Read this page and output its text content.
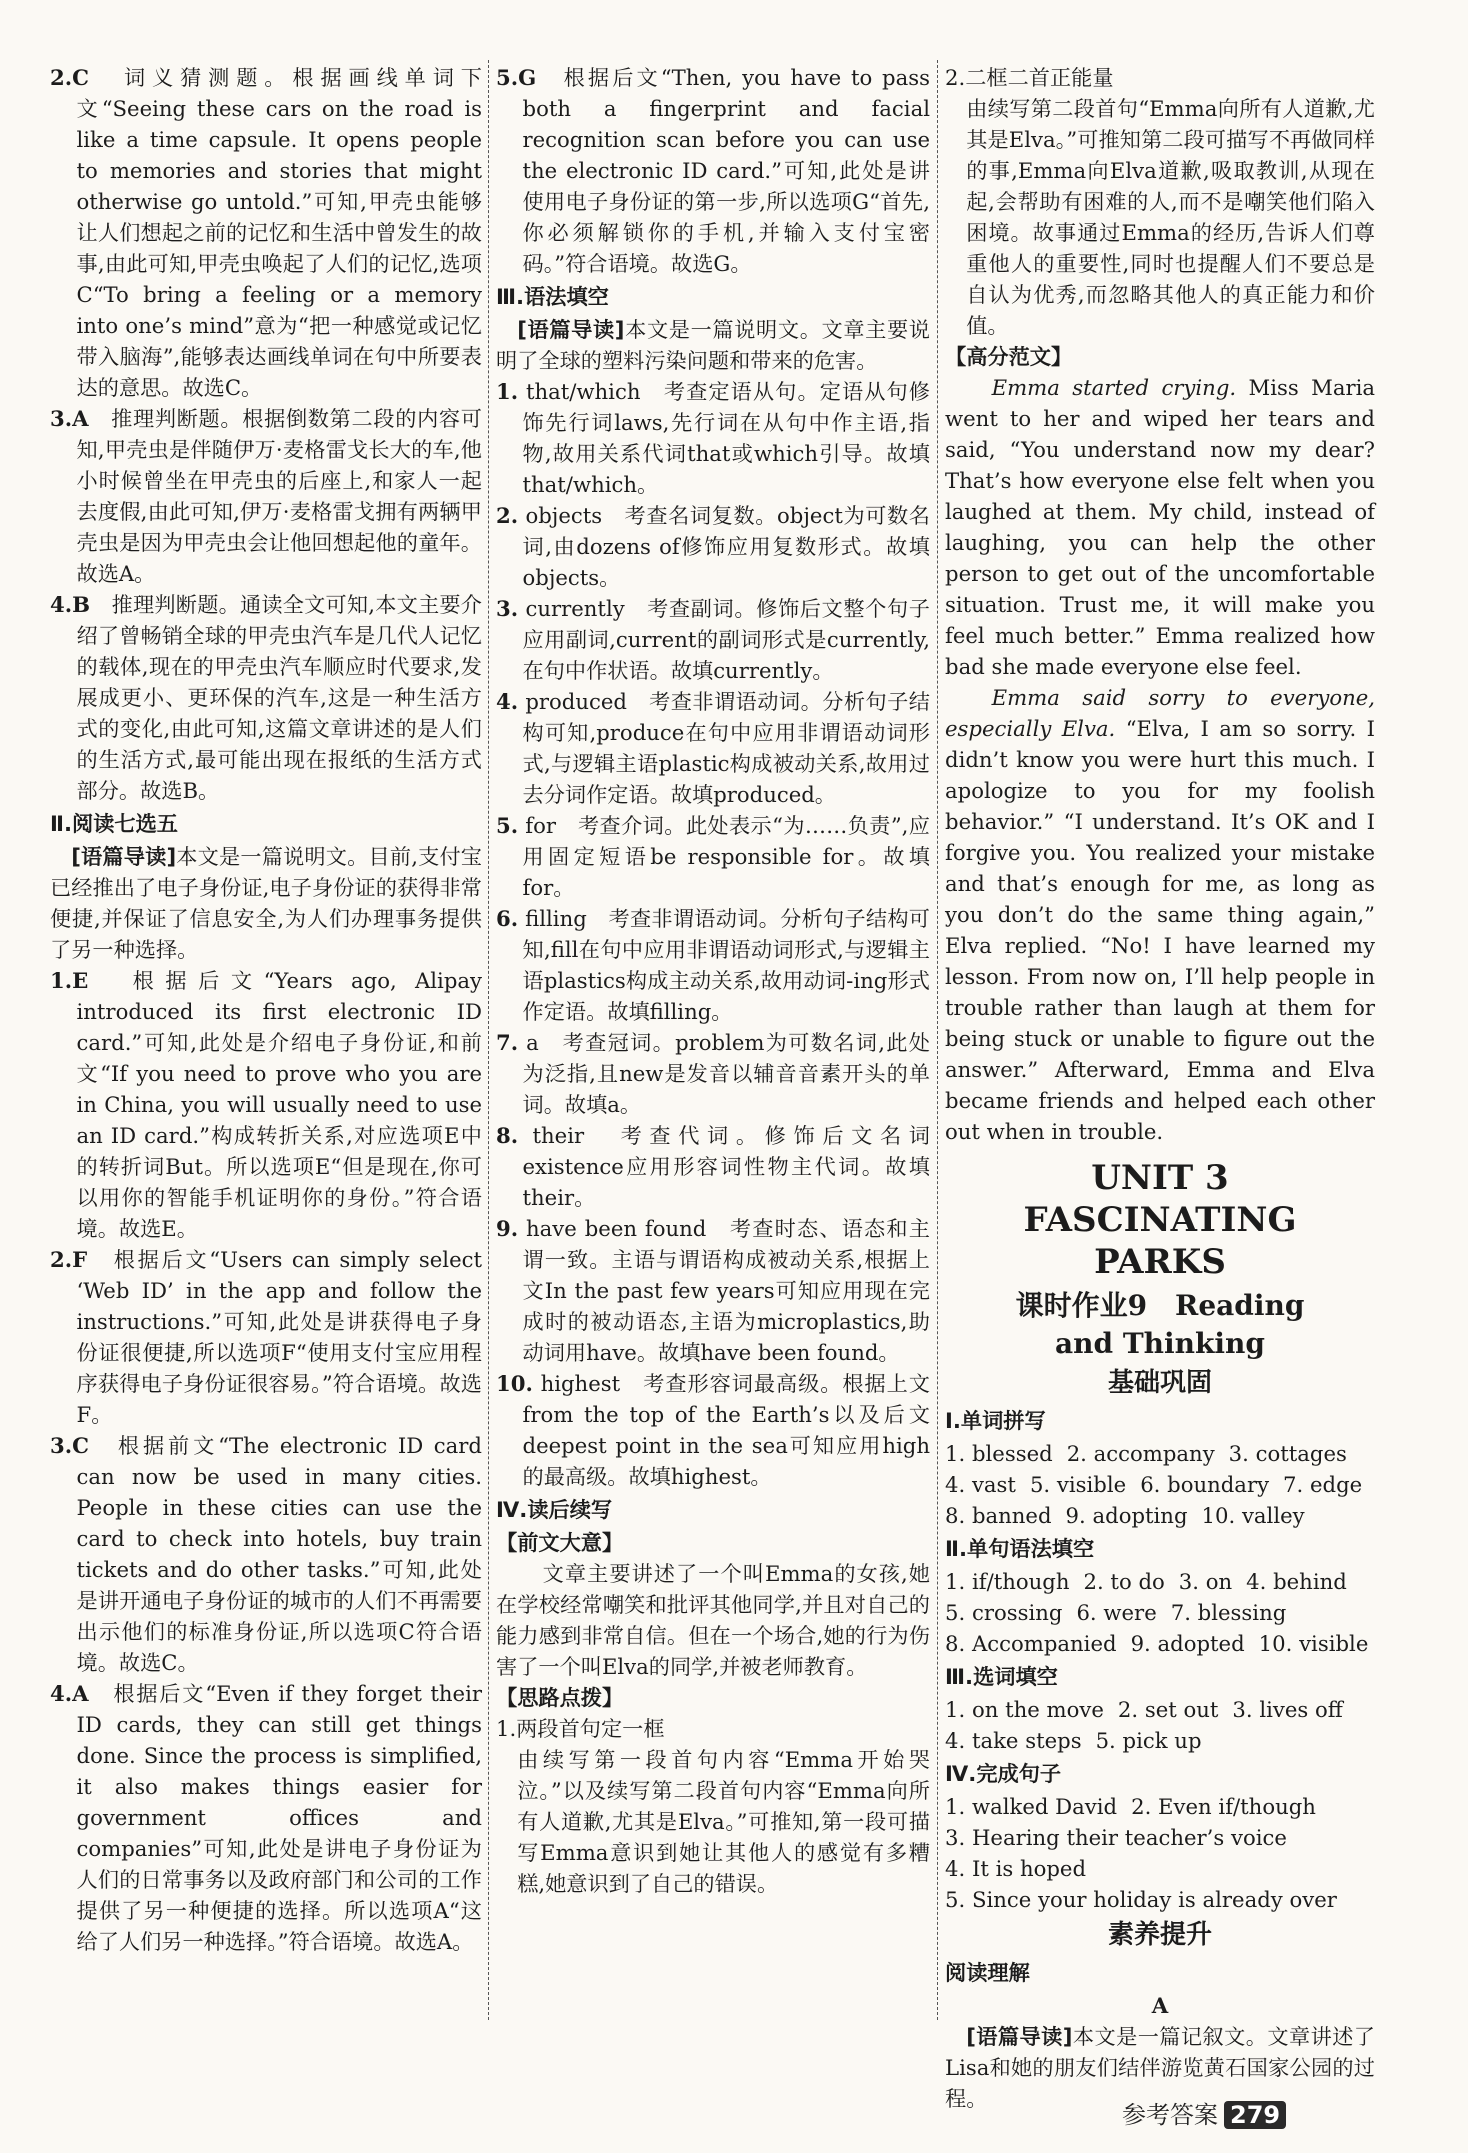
2.C　 词义猜测题。根据画线单词下文“Seeing these cars on the road is like a time capsule. It opens people to memories and stories that might otherwise go untold.”可知,甲壳虫能够让人们想起之前的记忆和生活中曾发生的故事,由此可知,甲壳虫唤起了人们的记忆,选项C“To bring a feeling or a memory into one’s mind”意为“把一种感觉或记忆带入脑海”,能够表达画线单词在句中所要表达的意思。故选C。

3.A　 推理判断题。根据倒数第二段的内容可知,甲壳虫是伴随伊万·麦格雷戈长大的车,他小时候曾坐在甲壳虫的后座上,和家人一起去度假,由此可知,伊万·麦格雷戈拥有两辆甲壳虫是因为甲壳虫会让他回想起他的童年。故选A。

4.B　 推理判断题。通读全文可知,本文主要介绍了曾畅销全球的甲壳虫汽车是几代人记忆的载体,现在的甲壳虫汽车顺应时代要求,发展成更小、更环保的汽车,这是一种生活方式的变化,由此可知,这篇文章讲述的是人们的生活方式,最可能出现在报纸的生活方式部分。故选B。

Ⅱ.阅读七选五

[语篇导读]本文是一篇说明文。目前,支付宝已经推出了电子身份证,电子身份证的获得非常便捷,并保证了信息安全,为人们办理事务提供了另一种选择。

1.E　 根据后文“Years ago, Alipay introduced its first electronic ID card.”可知,此处是介绍电子身份证,和前文“If you need to prove who you are in China, you will usually need to use an ID card.”构成转折关系,对应选项E中的转折词But。所以选项E“但是现在,你可以用你的智能手机证明你的身份。”符合语境。故选E。

2.F　 根据后文“Users can simply select ‘Web ID’ in the app and follow the instructions.”可知,此处是讲获得电子身份证很便捷,所以选项F“使用支付宝应用程序获得电子身份证很容易。”符合语境。故选F。

3.C　 根据前文“The electronic ID card can now be used in many cities. People in these cities can use the card to check into hotels, buy train tickets and do other tasks.”可知,此处是讲开通电子身份证的城市的人们不再需要出示他们的标准身份证,所以选项C符合语境。故选C。

4.A　 根据后文“Even if they forget their ID cards, they can still get things done. Since the process is simplified, it also makes things easier for government offices and companies”可知,此处是讲电子身份证为人们的日常事务以及政府部门和公司的工作提供了另一种便捷的选择。所以选项A“这给了人们另一种选择。”符合语境。故选A。

5.G　 根据后文“Then, you have to pass both a fingerprint and facial recognition scan before you can use the electronic ID card.”可知,此处是讲使用电子身份证的第一步,所以选项G“首先,你必须解锁你的手机,并输入支付宝密码。”符合语境。故选G。

Ⅲ.语法填空

[语篇导读]本文是一篇说明文。文章主要说明了全球的塑料污染问题和带来的危害。

1. that/which　 考查定语从句。定语从句修饰先行词laws,先行词在从句中作主语,指物,故用关系代词that或which引导。故填that/which。

2. objects　 考查名词复数。object为可数名词,由dozens of修饰应用复数形式。故填objects。

3. currently　 考查副词。修饰后文整个句子应用副词,current的副词形式是currently,在句中作状语。故填currently。

4. produced　 考查非谓语动词。分析句子结构可知,produce在句中应用非谓语动词形式,与逻辑主语plastic构成被动关系,故用过去分词作定语。故填produced。

5. for　 考查介词。此处表示“为……负责”,应用固定短语be responsible for。故填for。

6. filling　 考查非谓语动词。分析句子结构可知,fill在句中应用非谓语动词形式,与逻辑主语plastics构成主动关系,故用动词-ing形式作定语。故填filling。

7. a　 考查冠词。problem为可数名词,此处为泛指,且new是发音以辅音音素开头的单词。故填a。

8. their　 考查代词。修饰后文名词existence应用形容词性物主代词。故填their。

9. have been found　 考查时态、语态和主谓一致。主语与谓语构成被动关系,根据上文In the past few years可知应用现在完成时的被动语态,主语为microplastics,助动词用have。故填have been found。

10. highest　 考查形容词最高级。根据上文from the top of the Earth’s以及后文deepest point in the sea可知应用high的最高级。故填highest。

Ⅳ.读后续写

【前文大意】

文章主要讲述了一个叫Emma的女孩,她在学校经常嘲笑和批评其他同学,并且对自己的能力感到非常自信。但在一个场合,她的行为伤害了一个叫Elva的同学,并被老师教育。

【思路点拨】

1.两段首句定一框

由续写第一段首句内容“Emma开始哭泣。”以及续写第二段首句内容“Emma向所有人道歉,尤其是Elva。”可推知,第一段可描写Emma意识到她让其他人的感觉有多糟糕,她意识到了自己的错误。

2.二框二首正能量

由续写第二段首句“Emma向所有人道歉,尤其是Elva。”可推知第二段可描写不再做同样的事,Emma向Elva道歉,吸取教训,从现在起,会帮助有困难的人,而不是嘲笑他们陷入困境。故事通过Emma的经历,告诉人们尊重他人的重要性,同时也提醒人们不要总是自认为优秀,而忽略其他人的真正能力和价值。

【高分范文】

Emma started crying. Miss Maria went to her and wiped her tears and said, “You understand now my dear? That’s how everyone else felt when you laughed at them. My child, instead of laughing, you can help the other person to get out of the uncomfortable situation. Trust me, it will make you feel much better.” Emma realized how bad she made everyone else feel.

Emma said sorry to everyone, especially Elva. “Elva, I am so sorry. I didn’t know you were hurt this much. I apologize to you for my foolish behavior.” “I understand. It’s OK and I forgive you. You realized your mistake and that’s enough for me, as long as you don’t do the same thing again,” Elva replied. “No! I have learned my lesson. From now on, I’ll help people in trouble rather than laugh at them for being stuck or unable to figure out the answer.” Afterward, Emma and Elva became friends and helped each other out when in trouble.

UNIT 3　FASCINATING
PARKS
课时作业9　Reading
and Thinking
基础巩固

Ⅰ.单词拼写

1. blessed 2. accompany 3. cottages

4. vast 5. visible 6. boundary 7. edge

8. banned 9. adopting 10. valley

Ⅱ.单句语法填空

1. if/though 2. to do 3. on 4. behind

5. crossing 6. were 7. blessing

8. Accompanied 9. adopted 10. visible

Ⅲ.选词填空

1. on the move 2. set out 3. lives off

4. take steps 5. pick up

Ⅳ.完成句子

1. walked David 2. Even if/though

3. Hearing their teacher’s voice

4. It is hoped

5. Since your holiday is already over

素养提升

阅读理解

A

[语篇导读]本文是一篇记叙文。文章讲述了Lisa和她的朋友们结伴游览黄石国家公园的过程。

参考答案 279
